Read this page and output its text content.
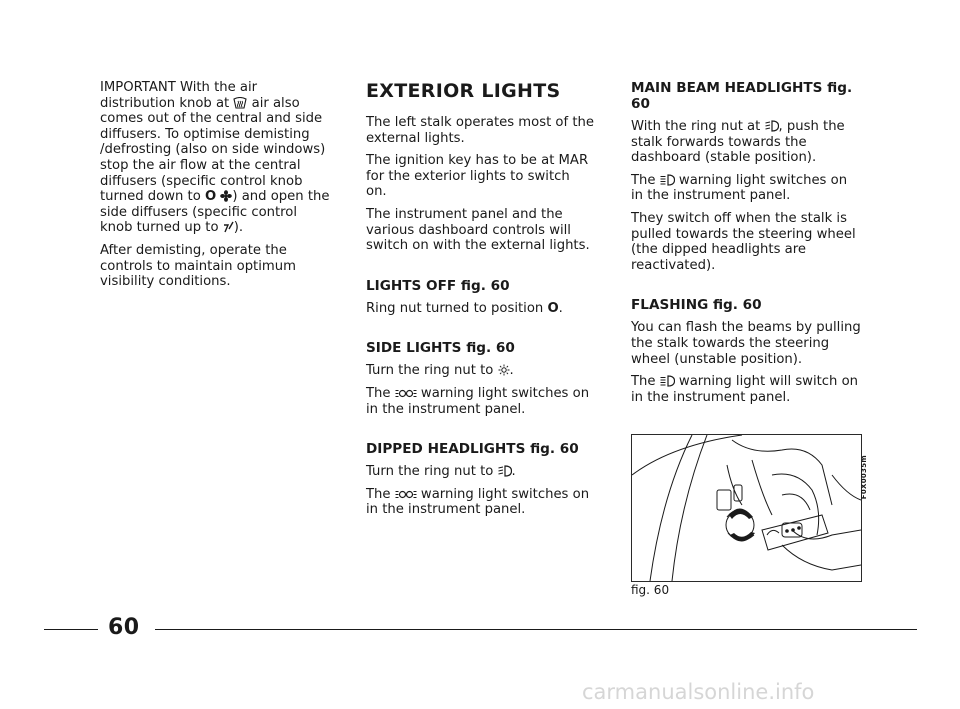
IMPORTANT With the air distribution knob at  air also comes out of the central and side diffusers. To optimise demisting /defrosting (also on side windows) stop the air flow at the central diffusers (specific control knob turned down to O ) and open the side diffusers (specific control knob turned up to ).

After demisting, operate the controls to maintain optimum visibility conditions.

EXTERIOR LIGHTS

The left stalk operates most of the external lights.

The ignition key has to be at MAR for the exterior lights to switch on.

The instrument panel and the various dashboard controls will switch on with the external lights.

LIGHTS OFF fig. 60

Ring nut turned to position O.

SIDE LIGHTS fig. 60

Turn the ring nut to .

The  warning light switches on in the instrument panel.

DIPPED HEADLIGHTS fig. 60

Turn the ring nut to .

The  warning light switches on in the instrument panel.

MAIN BEAM HEADLIGHTS fig. 60

With the ring nut at , push the stalk forwards towards the dashboard (stable position).

The  warning light switches on in the instrument panel.

They switch off when the stalk is pulled towards the steering wheel (the dipped headlights are reactivated).

FLASHING fig. 60

You can flash the beams by pulling the stalk towards the steering wheel (unstable position).

The  warning light will switch on in the instrument panel.

F0X0035m
fig. 60
60
carmanualsonline.info
